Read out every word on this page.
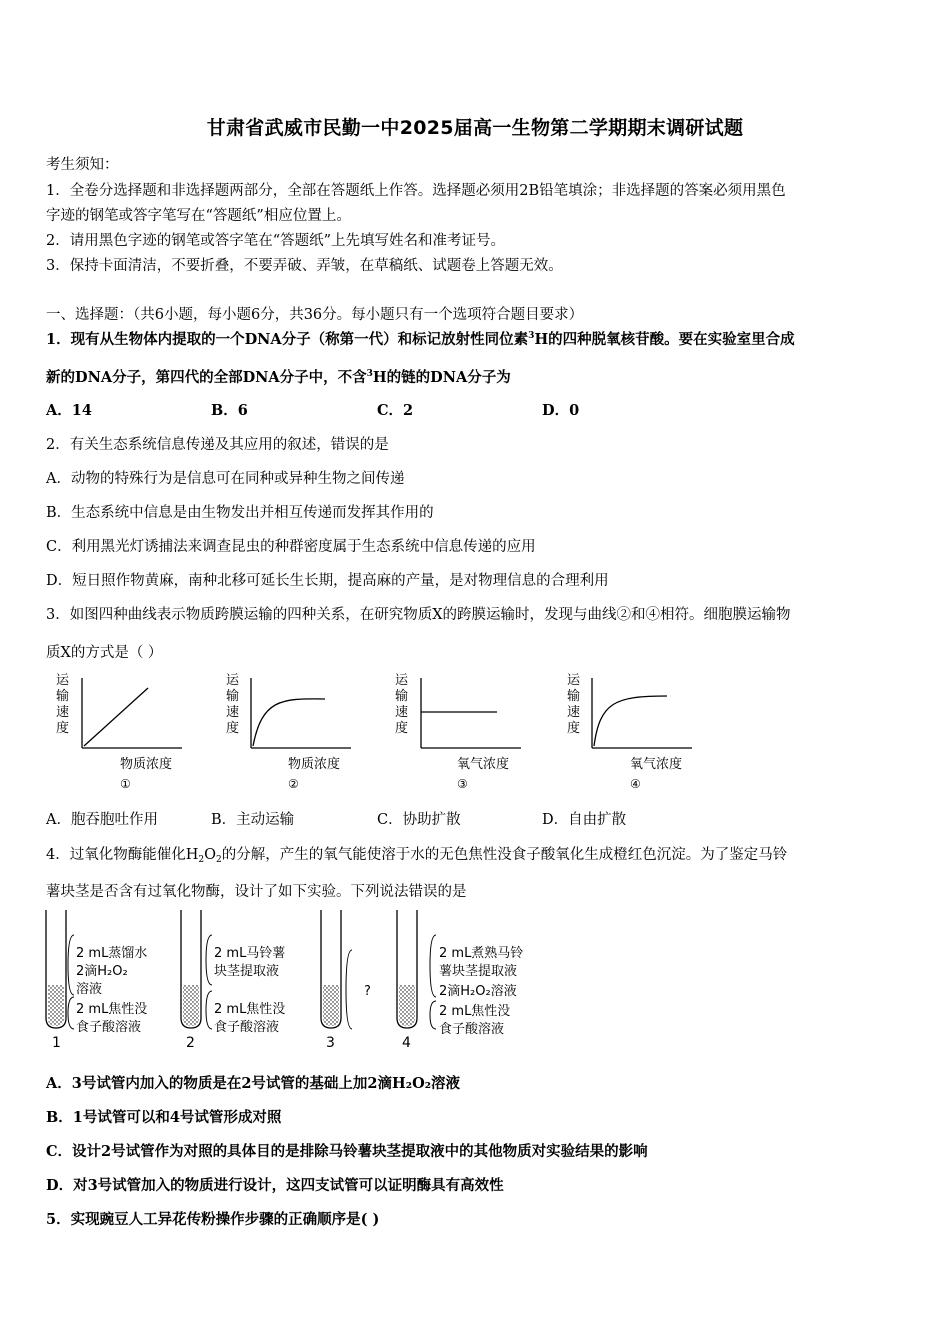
甘肃省武威市民勤一中2025届高一生物第二学期期末调研试题
考生须知：
1．全卷分选择题和非选择题两部分，全部在答题纸上作答。选择题必须用2B铅笔填涂；非选择题的答案必须用黑色
字迹的钢笔或答字笔写在“答题纸”相应位置上。
2．请用黑色字迹的钢笔或答字笔在“答题纸”上先填写姓名和准考证号。
3．保持卡面清洁，不要折叠，不要弄破、弄皱，在草稿纸、试题卷上答题无效。
一、选择题：（共6小题，每小题6分，共36分。每小题只有一个选项符合题目要求）
1．现有从生物体内提取的一个DNA分子（称第一代）和标记放射性同位素$^3$H的四种脱氧核苷酸。要在实验室里合成
新的DNA分子，第四代的全部DNA分子中，不含$^3$H的链的DNA分子为
A．14	B．6	C．2	D．0
2．有关生态系统信息传递及其应用的叙述，错误的是
A．动物的特殊行为是信息可在同种或异种生物之间传递
B．生态系统中信息是由生物发出并相互传递而发挥其作用的
C．利用黑光灯诱捕法来调查昆虫的种群密度属于生态系统中信息传递的应用
D．短日照作物黄麻，南种北移可延长生长期，提高麻的产量，是对物理信息的合理利用
3．如图四种曲线表示物质跨膜运输的四种关系，在研究物质X的跨膜运输时，发现与曲线②和④相符。细胞膜运输物
质X的方式是（ ）
运
输
速
度
物质浓度
①
运
输
速
度
物质浓度
②
运
输
速
度
氧气浓度
③
运
输
速
度
氧气浓度
④
A．胞吞胞吐作用	B．主动运输	C．协助扩散	D．自由扩散
4．过氧化物酶能催化$H_2O_2$的分解，产生的氧气能使溶于水的无色焦性没食子酸氧化生成橙红色沉淀。为了鉴定马铃
薯块茎是否含有过氧化物酶，设计了如下实验。下列说法错误的是
2 mL蒸馏水
2滴H₂O₂
溶液
2 mL焦性没
食子酸溶液
1
2 mL马铃薯
块茎提取液
2 mL焦性没
食子酸溶液
2
?
3
2 mL煮熟马铃
薯块茎提取液
2滴H₂O₂溶液
2 mL焦性没
食子酸溶液
4
A．3号试管内加入的物质是在2号试管的基础上加2滴H₂O₂溶液
B．1号试管可以和4号试管形成对照
C．设计2号试管作为对照的具体目的是排除马铃薯块茎提取液中的其他物质对实验结果的影响
D．对3号试管加入的物质进行设计，这四支试管可以证明酶具有高效性
5．实现豌豆人工异花传粉操作步骤的正确顺序是( )
